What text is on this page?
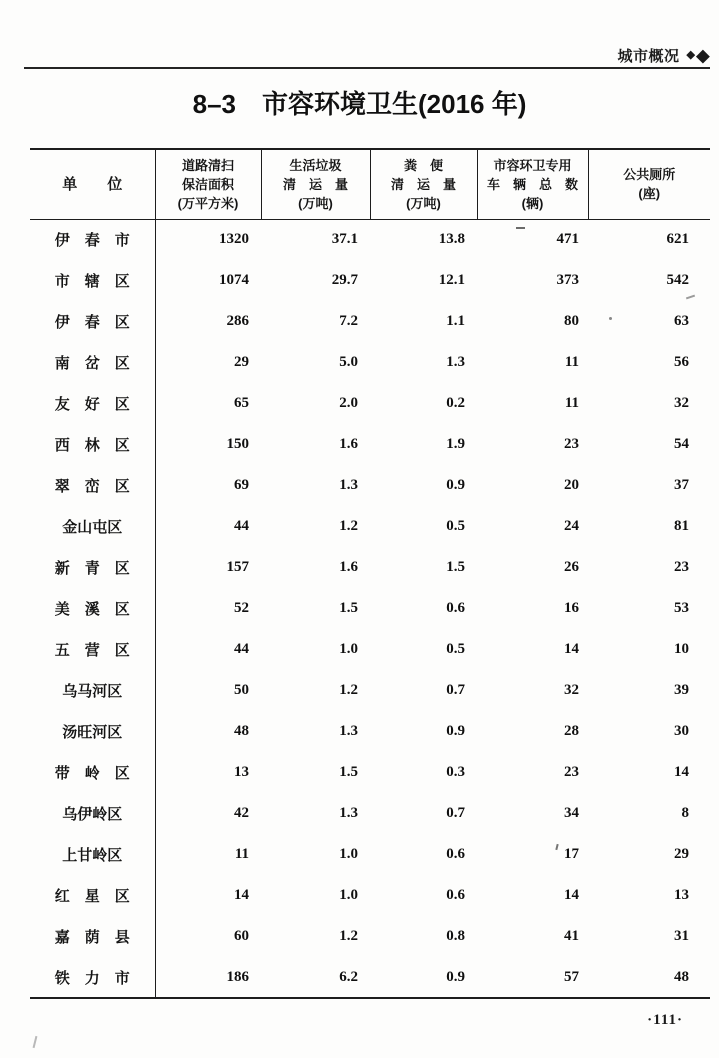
城市概况 ◆ ◆
8–3　市容环境卫生(2016 年)
单　　位	
道路清扫
保洁面积
(万平方米)

生活垃圾
清　运　量
(万吨)

粪　便
清　运　量
(万吨)

市容环卫专用
车　辆　总　数
(辆)

公共厕所
(座)

伊　春　市	1320	37.1	13.8	471	621
市　辖　区	1074	29.7	12.1	373	542
伊　春　区	286	7.2	1.1	80	63
南　岔　区	29	5.0	1.3	11	56
友　好　区	65	2.0	0.2	11	32
西　林　区	150	1.6	1.9	23	54
翠　峦　区	69	1.3	0.9	20	37
金山屯区	44	1.2	0.5	24	81
新　青　区	157	1.6	1.5	26	23
美　溪　区	52	1.5	0.6	16	53
五　营　区	44	1.0	0.5	14	10
乌马河区	50	1.2	0.7	32	39
汤旺河区	48	1.3	0.9	28	30
带　岭　区	13	1.5	0.3	23	14
乌伊岭区	42	1.3	0.7	34	8
上甘岭区	11	1.0	0.6	17	29
红　星　区	14	1.0	0.6	14	13
嘉　荫　县	60	1.2	0.8	41	31
铁　力　市	186	6.2	0.9	57	48
·111·
